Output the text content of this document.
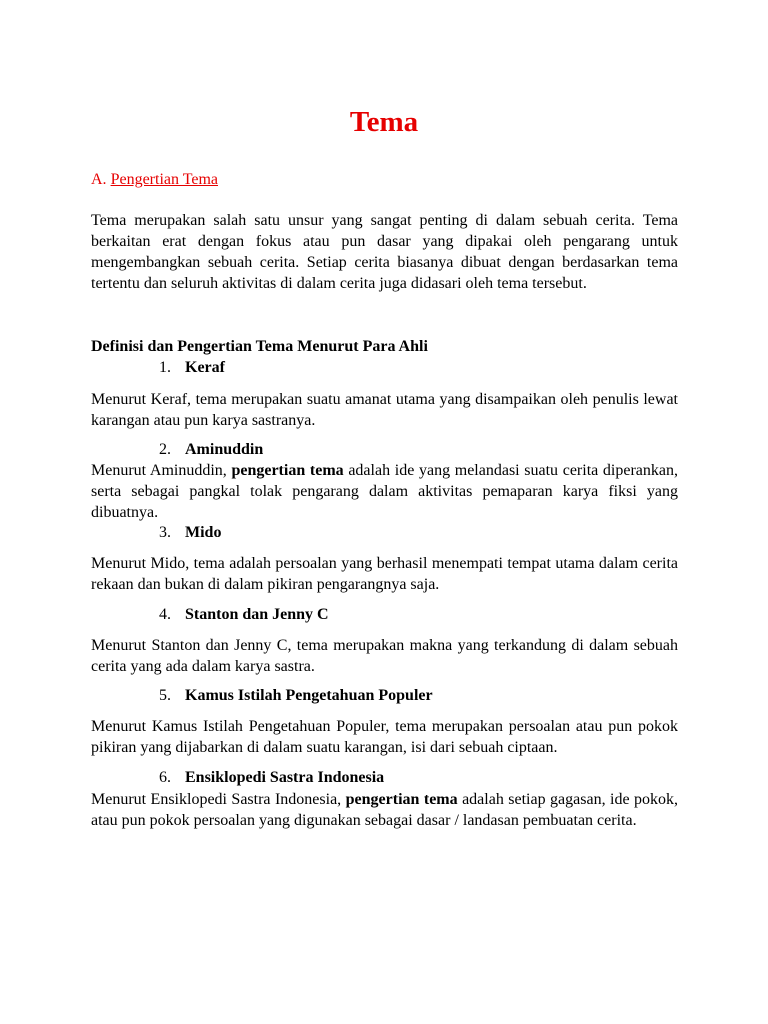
Tema
A. Pengertian Tema

Tema merupakan salah satu unsur yang sangat penting di dalam sebuah cerita. Tema berkaitan erat dengan fokus atau pun dasar yang dipakai oleh pengarang untuk mengembangkan sebuah cerita. Setiap cerita biasanya dibuat dengan berdasarkan tema tertentu dan seluruh aktivitas di dalam cerita juga didasari oleh tema tersebut.

Definisi dan Pengertian Tema Menurut Para Ahli
1. Keraf

Menurut Keraf, tema merupakan suatu amanat utama yang disampaikan oleh penulis lewat karangan atau pun karya sastranya.

2. Aminuddin

Menurut Aminuddin, pengertian tema adalah ide yang melandasi suatu cerita diperankan, serta sebagai pangkal tolak pengarang dalam aktivitas pemaparan karya fiksi yang dibuatnya.

3. Mido

Menurut Mido, tema adalah persoalan yang berhasil menempati tempat utama dalam cerita rekaan dan bukan di dalam pikiran pengarangnya saja.

4. Stanton dan Jenny C

Menurut Stanton dan Jenny C, tema merupakan makna yang terkandung di dalam sebuah cerita yang ada dalam karya sastra.

5. Kamus Istilah Pengetahuan Populer

Menurut Kamus Istilah Pengetahuan Populer, tema merupakan persoalan atau pun pokok pikiran yang dijabarkan di dalam suatu karangan, isi dari sebuah ciptaan.

6. Ensiklopedi Sastra Indonesia

Menurut Ensiklopedi Sastra Indonesia, pengertian tema adalah setiap gagasan, ide pokok, atau pun pokok persoalan yang digunakan sebagai dasar / landasan pembuatan cerita.
